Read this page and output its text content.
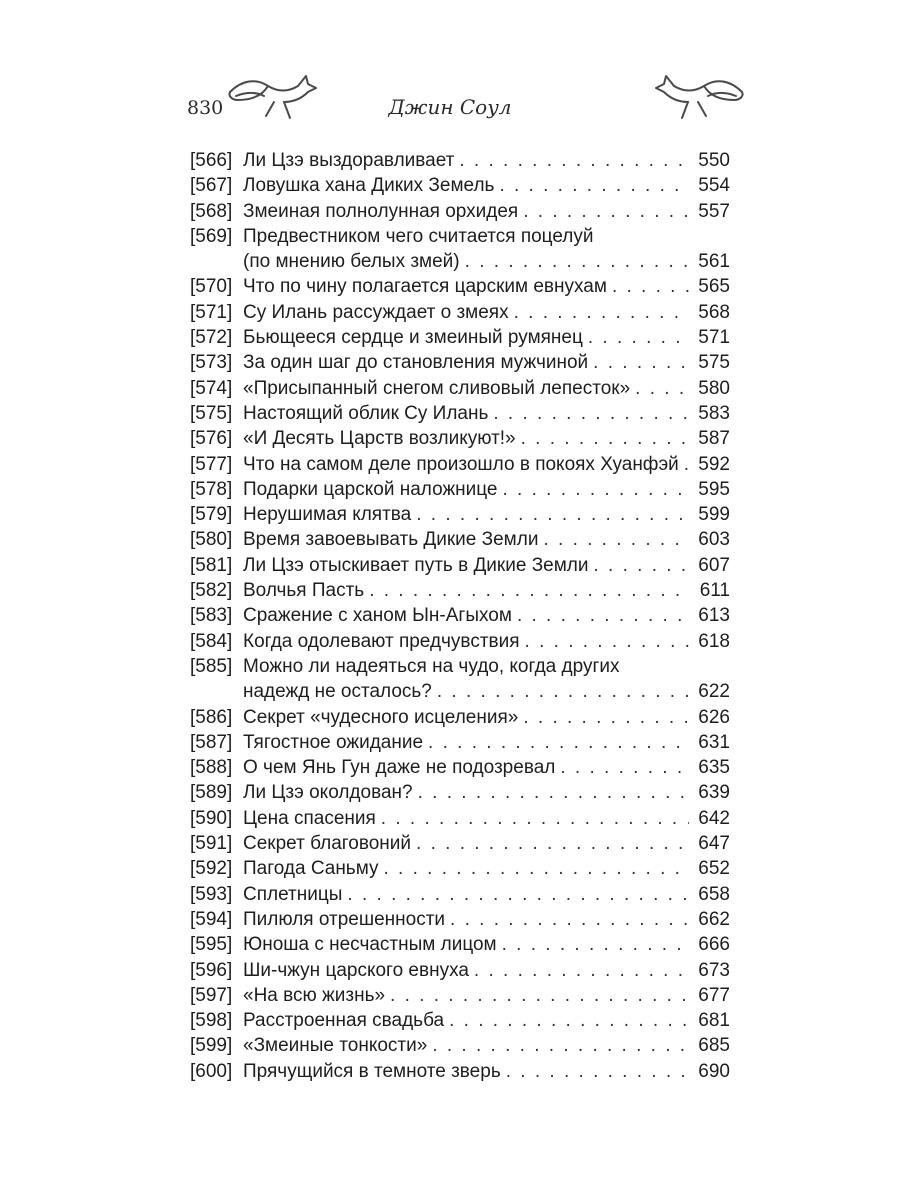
830	Джин Соул
[566] Ли Цзэ выздоравливает . . .	550
[567] Ловушка хана Диких Земель . . .	554
[568] Змеиная полнолунная орхидея . . .	557
[569] Предвестником чего считается поцелуй
(по мнению белых змей) . . .	561
[570] Что по чину полагается царским евнухам . . .	565
[571] Су Илань рассуждает о змеях . . .	568
[572] Бьющееся сердце и змеиный румянец . . .	571
[573] За один шаг до становления мужчиной . . .	575
[574] «Присыпанный снегом сливовый лепесток» . . .	580
[575] Настоящий облик Су Илань . . .	583
[576] «И Десять Царств возликуют!» . . .	587
[577] Что на самом деле произошло в покоях Хуанфэй . . . 592
[578] Подарки царской наложнице . . .	595
[579] Нерушимая клятва . . .	599
[580] Время завоевывать Дикие Земли . . .	603
[581] Ли Цзэ отыскивает путь в Дикие Земли . . .	607
[582] Волчья Пасть . . .	611
[583] Сражение с ханом Ын-Агыхом . . .	613
[584] Когда одолевают предчувствия . . .	618
[585] Можно ли надеяться на чудо, когда других
надежд не осталось? . . .	622
[586] Секрет «чудесного исцеления» . . .	626
[587] Тягостное ожидание . . .	631
[588] О чем Янь Гун даже не подозревал . . .	635
[589] Ли Цзэ околдован? . . .	639
[590] Цена спасения . . .	642
[591] Секрет благовоний . . .	647
[592] Пагода Саньму . . .	652
[593] Сплетницы . . .	658
[594] Пилюля отрешенности . . .	662
[595] Юноша с несчастным лицом . . .	666
[596] Ши-чжун царского евнуха . . .	673
[597] «На всю жизнь» . . .	677
[598] Расстроенная свадьба . . .	681
[599] «Змеиные тонкости» . . .	685
[600] Прячущийся в темноте зверь . . .	690
